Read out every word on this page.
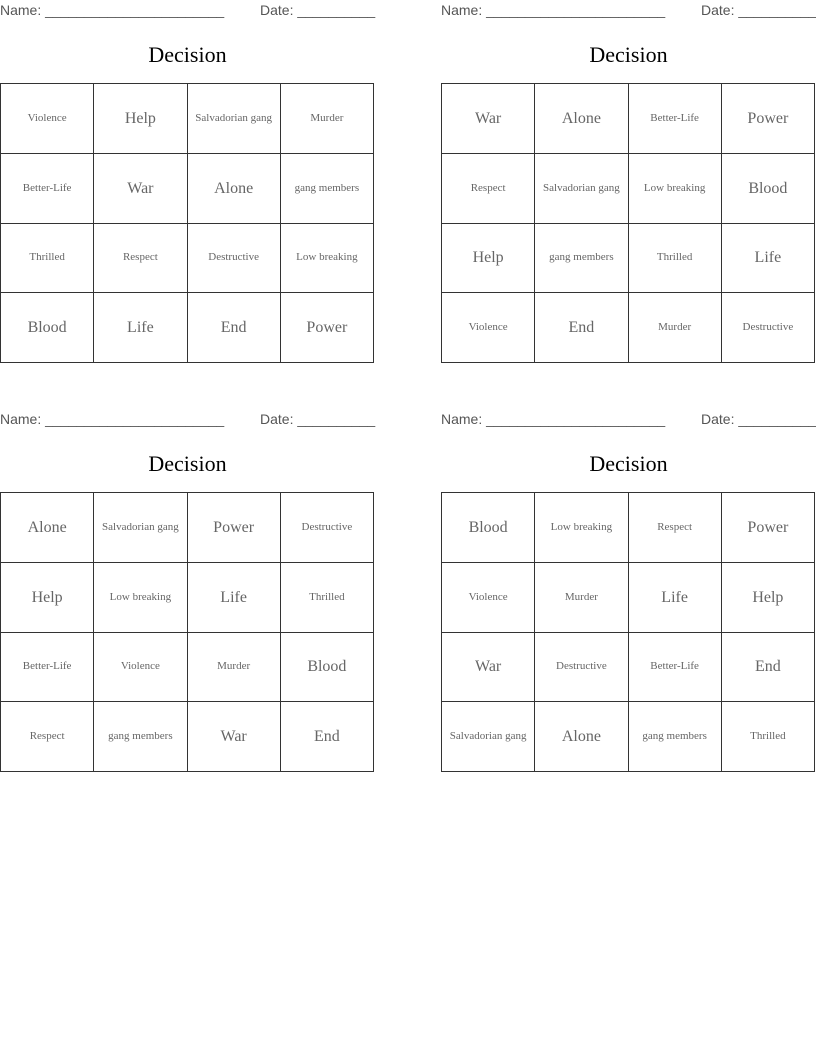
Name: _______________________	Date: __________
Decision
Violence	Help	Salvadorian gang	Murder
Better-Life	War	Alone	gang members
Thrilled	Respect	Destructive	Low breaking
Blood	Life	End	Power
Name: _______________________	Date: __________
Decision
War	Alone	Better-Life	Power
Respect	Salvadorian gang	Low breaking	Blood
Help	gang members	Thrilled	Life
Violence	End	Murder	Destructive
Name: _______________________	Date: __________
Decision
Alone	Salvadorian gang	Power	Destructive
Help	Low breaking	Life	Thrilled
Better-Life	Violence	Murder	Blood
Respect	gang members	War	End
Name: _______________________	Date: __________
Decision
Blood	Low breaking	Respect	Power
Violence	Murder	Life	Help
War	Destructive	Better-Life	End
Salvadorian gang	Alone	gang members	Thrilled
